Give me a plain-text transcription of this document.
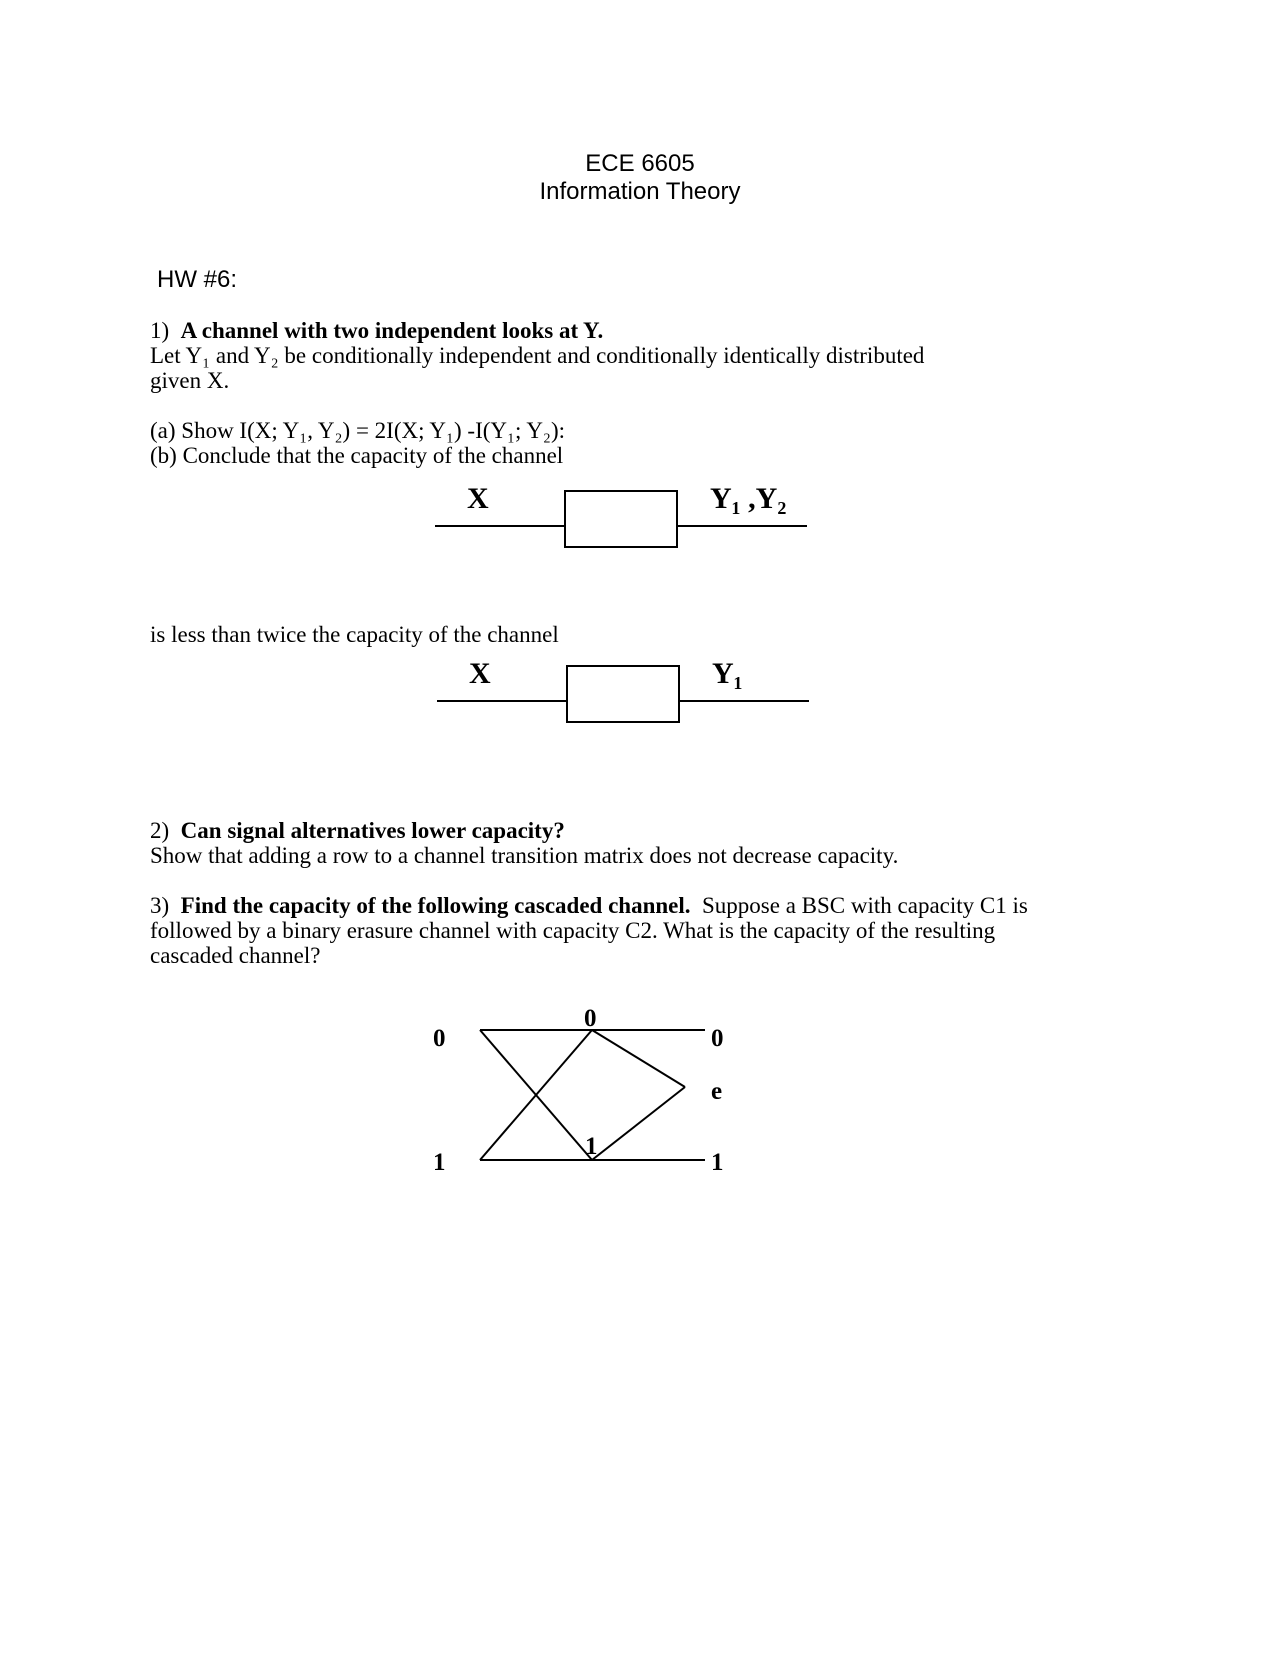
ECE 6605
Information Theory
HW #6:
1) A channel with two independent looks at Y.
Let Y₁ and Y₂ be conditionally independent and conditionally identically distributed
given X.
(a) Show I(X; Y₁, Y₂) = 2I(X; Y₁) -I(Y₁; Y₂):
(b) Conclude that the capacity of the channel
X	Y₁ ,Y₂
is less than twice the capacity of the channel
X	Y₁
2) Can signal alternatives lower capacity?
Show that adding a row to a channel transition matrix does not decrease capacity.
3) Find the capacity of the following cascaded channel. Suppose a BSC with capacity C1 is
followed by a binary erasure channel with capacity C2. What is the capacity of the resulting
cascaded channel?
0
1
0
1
0
e
1
